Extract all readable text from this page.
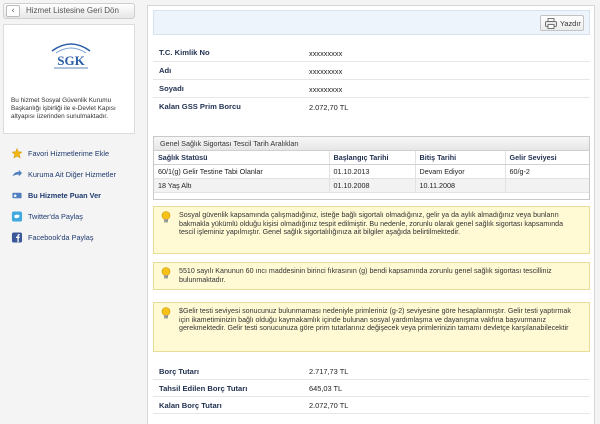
‹	Hizmet Listesine Geri Dön
SGK
Bu hizmet Sosyal Güvenlik Kurumu Başkanlığı işbirliği ile e-Devlet Kapısı altyapısı üzerinden sunulmaktadır.
Favori Hizmetlerime Ekle
Kuruma Ait Diğer Hizmetler
Bu Hizmete Puan Ver
Twitter'da Paylaş
Facebook'da Paylaş
Yazdır
T.C. Kimlik No	xxxxxxxxx
Adı	xxxxxxxxx
Soyadı	xxxxxxxxx
Kalan GSS Prim Borcu	2.072,70 TL
Genel Sağlık Sigortası Tescil Tarih Aralıkları
Sağlık Statüsü	Başlangıç Tarihi	Bitiş Tarihi	Gelir Seviyesi
60/1(g) Gelir Testine Tabi Olanlar	01.10.2013	Devam Ediyor	60/g-2
18 Yaş Altı	01.10.2008	10.11.2008	
Sosyal güvenlik kapsamında çalışmadığınız, isteğe bağlı sigortalı olmadığınız, gelir ya da aylık almadığınız veya bunların bakmakla yükümlü olduğu kişisi olmadığınız tespit edilmiştir. Bu nedenle, zorunlu olarak genel sağlık sigortası kapsamında tescil işleminiz yapılmıştır. Genel sağlık sigortalılığınıza ait bilgiler aşağıda belirtilmektedir.
5510 sayılı Kanunun 60 ıncı maddesinin birinci fıkrasının (g) bendi kapsamında zorunlu genel sağlık sigortası tescilliniz bulunmaktadır.
$Gelir testi seviyesi sonucunuz bulunmaması nedeniyle primleriniz (g-2) seviyesine göre hesaplanmıştır. Gelir testi yaptırmak için ikametiminizin bağlı olduğu kaymakamlık içinde bulunan sosyal yardımlaşma ve dayanışma vakfına başvurmanız gerekmektedir. Gelir testi sonucunuza göre prim tutarlarınız değişecek veya primlerinizin tamamı devletçe karşılanabilecektir
Borç Tutarı	2.717,73 TL
Tahsil Edilen Borç Tutarı	645,03 TL
Kalan Borç Tutarı	2.072,70 TL
